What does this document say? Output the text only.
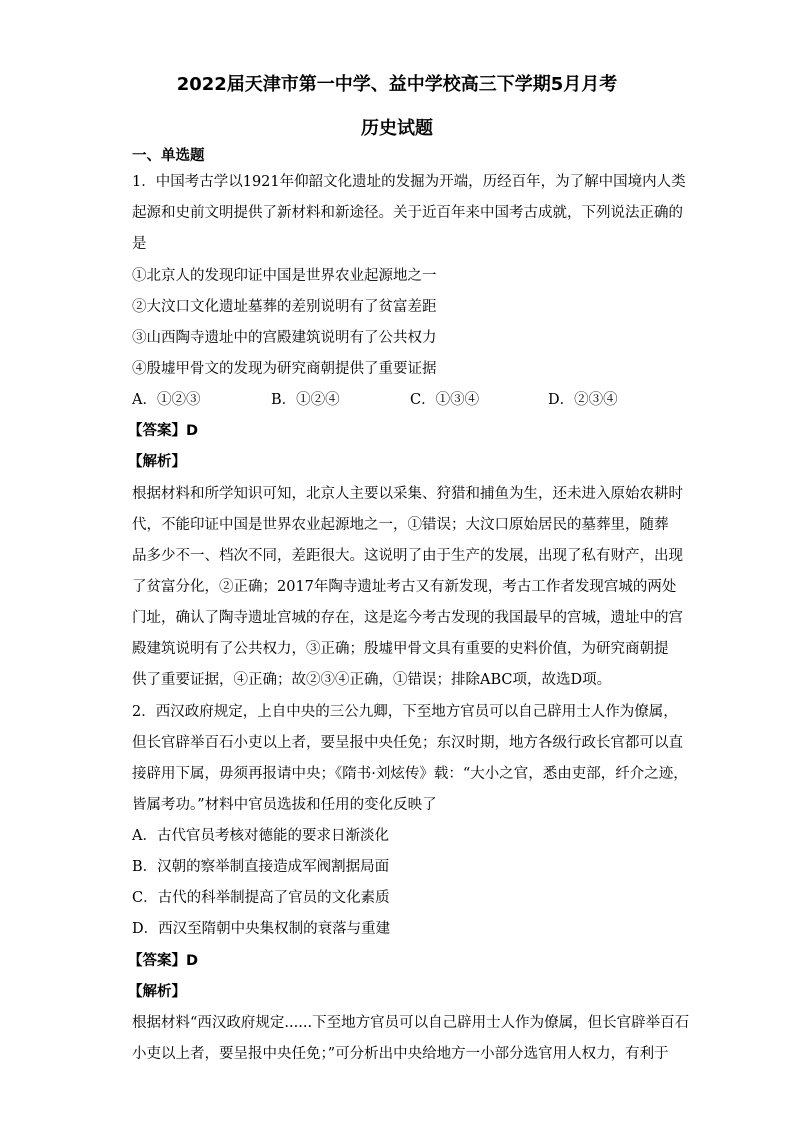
2022届天津市第一中学、益中学校高三下学期5月月考
历史试题
一、单选题
1．中国考古学以1921年仰韶文化遗址的发掘为开端，历经百年，为了解中国境内人类
起源和史前文明提供了新材料和新途径。关于近百年来中国考古成就，下列说法正确的
是
①北京人的发现印证中国是世界农业起源地之一
②大汶口文化遗址墓葬的差别说明有了贫富差距
③山西陶寺遗址中的宫殿建筑说明有了公共权力
④殷墟甲骨文的发现为研究商朝提供了重要证据
A．①②③	B．①②④	C．①③④	D．②③④
【答案】D
【解析】
根据材料和所学知识可知，北京人主要以采集、狩猎和捕鱼为生，还未进入原始农耕时
代，不能印证中国是世界农业起源地之一，①错误；大汶口原始居民的墓葬里，随葬
品多少不一、档次不同，差距很大。这说明了由于生产的发展，出现了私有财产，出现
了贫富分化，②正确；2017年陶寺遗址考古又有新发现，考古工作者发现宫城的两处
门址，确认了陶寺遗址宫城的存在，这是迄今考古发现的我国最早的宫城，遗址中的宫
殿建筑说明有了公共权力，③正确；殷墟甲骨文具有重要的史料价值，为研究商朝提
供了重要证据，④正确；故②③④正确，①错误；排除ABC项，故选D项。
2．西汉政府规定，上自中央的三公九卿，下至地方官员可以自己辟用士人作为僚属，
但长官辟举百石小吏以上者，要呈报中央任免；东汉时期，地方各级行政长官都可以直
接辟用下属，毋须再报请中央；《隋书·刘炫传》载：“大小之官，悉由吏部，纤介之迹，
皆属考功。”材料中官员选拔和任用的变化反映了
A．古代官员考核对德能的要求日渐淡化
B．汉朝的察举制直接造成军阀割据局面
C．古代的科举制提高了官员的文化素质
D．西汉至隋朝中央集权制的衰落与重建
【答案】D
【解析】
根据材料“西汉政府规定......下至地方官员可以自己辟用士人作为僚属，但长官辟举百石
小吏以上者，要呈报中央任免；”可分析出中央给地方一小部分选官用人权力，有利于
